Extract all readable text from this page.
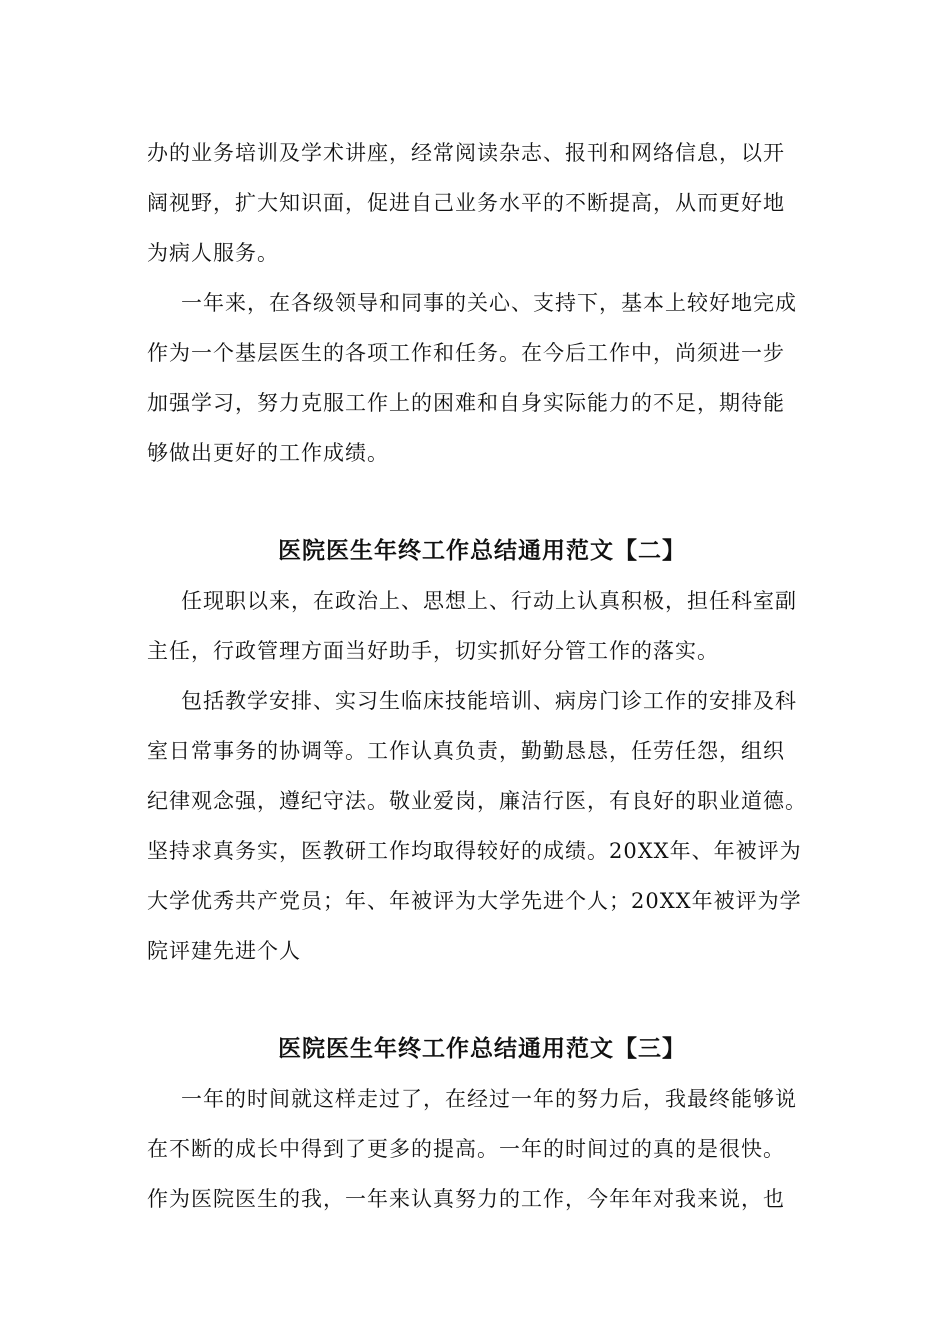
办的业务培训及学术讲座，经常阅读杂志、报刊和网络信息，以开
阔视野，扩大知识面，促进自己业务水平的不断提高，从而更好地
为病人服务。
一年来，在各级领导和同事的关心、支持下，基本上较好地完成
作为一个基层医生的各项工作和任务。在今后工作中，尚须进一步
加强学习，努力克服工作上的困难和自身实际能力的不足，期待能
够做出更好的工作成绩。
医院医生年终工作总结通用范文【二】
任现职以来，在政治上、思想上、行动上认真积极，担任科室副
主任，行政管理方面当好助手，切实抓好分管工作的落实。
包括教学安排、实习生临床技能培训、病房门诊工作的安排及科
室日常事务的协调等。工作认真负责，勤勤恳恳，任劳任怨，组织
纪律观念强，遵纪守法。敬业爱岗，廉洁行医，有良好的职业道德。
坚持求真务实，医教研工作均取得较好的成绩。20XX年、年被评为
大学优秀共产党员；年、年被评为大学先进个人；20XX年被评为学
院评建先进个人
医院医生年终工作总结通用范文【三】
一年的时间就这样走过了，在经过一年的努力后，我最终能够说
在不断的成长中得到了更多的提高。一年的时间过的真的是很快。
作为医院医生的我，一年来认真努力的工作，今年年对我来说，也
